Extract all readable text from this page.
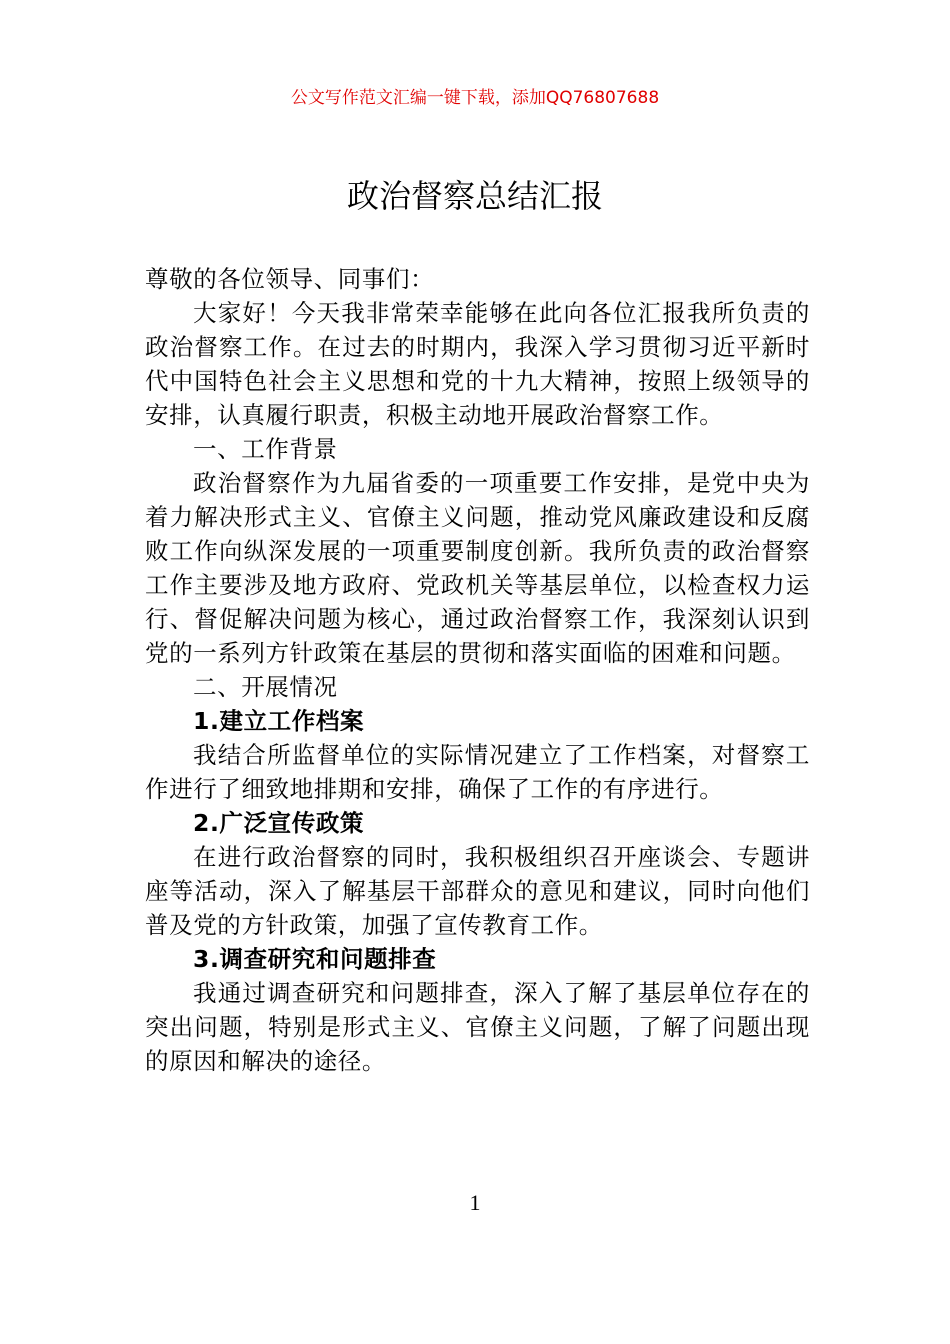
公文写作范文汇编一键下载，添加QQ76807688
政治督察总结汇报

尊敬的各位领导、同事们：

大家好！今天我非常荣幸能够在此向各位汇报我所负责的政治督察工作。在过去的时期内，我深入学习贯彻习近平新时代中国特色社会主义思想和党的十九大精神，按照上级领导的安排，认真履行职责，积极主动地开展政治督察工作。

一、工作背景

政治督察作为九届省委的一项重要工作安排，是党中央为着力解决形式主义、官僚主义问题，推动党风廉政建设和反腐败工作向纵深发展的一项重要制度创新。我所负责的政治督察工作主要涉及地方政府、党政机关等基层单位，以检查权力运行、督促解决问题为核心，通过政治督察工作，我深刻认识到党的一系列方针政策在基层的贯彻和落实面临的困难和问题。

二、开展情况

1.建立工作档案

我结合所监督单位的实际情况建立了工作档案，对督察工作进行了细致地排期和安排，确保了工作的有序进行。

2.广泛宣传政策

在进行政治督察的同时，我积极组织召开座谈会、专题讲座等活动，深入了解基层干部群众的意见和建议，同时向他们普及党的方针政策，加强了宣传教育工作。

3.调查研究和问题排查

我通过调查研究和问题排查，深入了解了基层单位存在的突出问题，特别是形式主义、官僚主义问题，了解了问题出现的原因和解决的途径。

1
